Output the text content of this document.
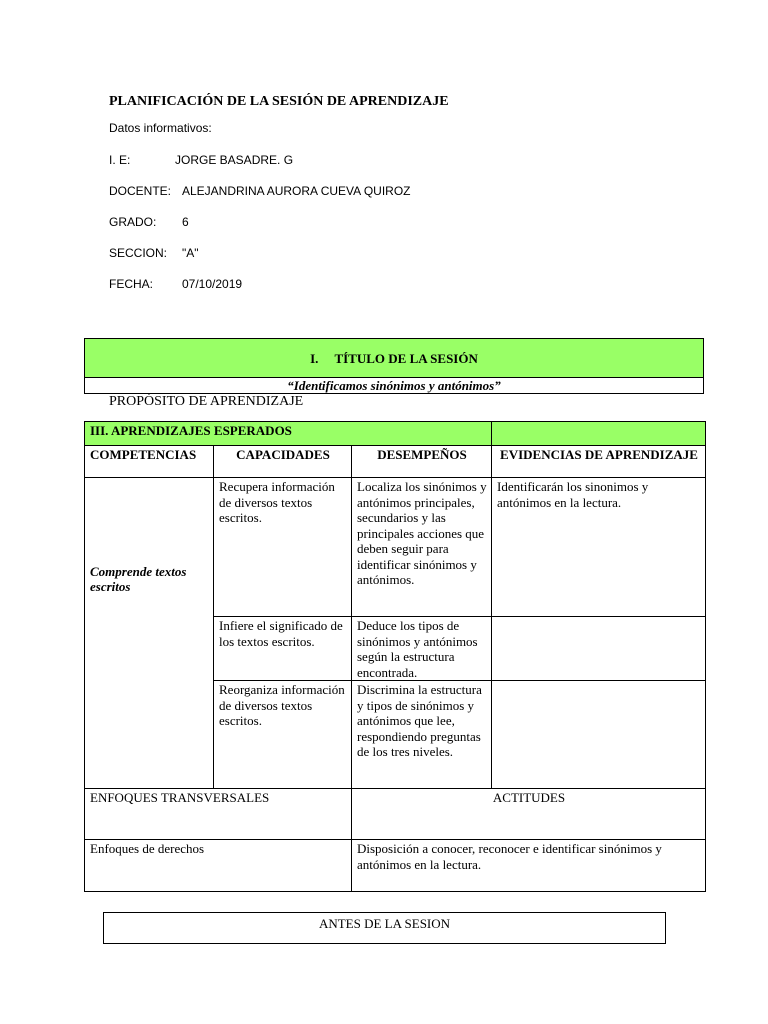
PLANIFICACIÓN DE LA SESIÓN DE APRENDIZAJE
Datos informativos:
I. E:	JORGE BASADRE. G
DOCENTE: ALEJANDRINA AURORA CUEVA QUIROZ
GRADO: 6
SECCION: "A"
FECHA: 07/10/2019
I.     TÍTULO DE LA SESIÓN
“Identificamos sinónimos y antónimos”
PROPÓSITO DE APRENDIZAJE
III. APRENDIZAJES ESPERADOS			
COMPETENCIAS	CAPACIDADES	DESEMPEÑOS	EVIDENCIAS DE APRENDIZAJE

Comprende textos escritos	Recupera información de diversos textos escritos.	Localiza los sinónimos y antónimos principales, secundarios y las principales acciones que deben seguir para identificar sinónimos y antónimos.	Identificarán los sinonimos y antónimos en la lectura.
	Infiere el significado de los textos escritos.	Deduce los tipos de sinónimos y antónimos según la estructura encontrada.	
	Reorganiza información de diversos textos escritos.	Discrimina la estructura y tipos de sinónimos y antónimos que lee, respondiendo preguntas de los tres niveles.	
ENFOQUES TRANSVERSALES		ACTITUDES	
Enfoques de derechos		Disposición a conocer, reconocer e identificar sinónimos y antónimos en la lectura.	
ANTES DE LA SESION
